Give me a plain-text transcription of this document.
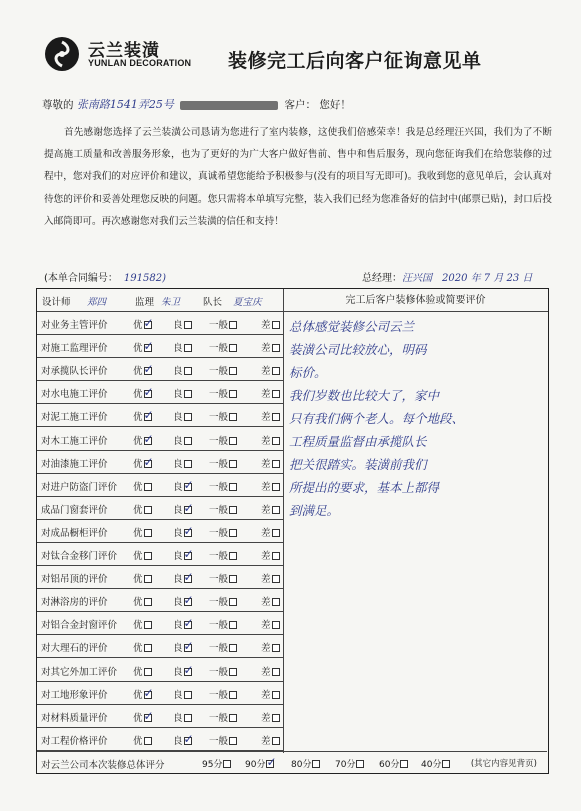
云兰装潢
YUNLAN DECORATION 装修完工后向客户征询意见单
尊敬的 张南路1541弄25号	客户： 您好！
首先感谢您选择了云兰装潢公司恳请为您进行了室内装修，这使我们倍感荣幸！我是总经理汪兴国，我们为了不断提高施工质量和改善服务形象，也为了更好的为广大客户做好售前、售中和售后服务，现向您征询我们在给您装修的过程中，您对我们的对应评价和建议，真诚希望您能给予积极参与(没有的项目写无即可)。我收到您的意见单后，会认真对待您的评价和妥善处理您反映的问题。您只需将本单填写完整，装入我们已经为您准备好的信封中(邮票已贴)，封口后投入邮筒即可。再次感谢您对我们云兰装潢的信任和支持！
(本单合同编号： 191582)	总经理：汪兴国 2020 年 7 月 23 日
设计师 郑四	监理 朱卫 队长 夏宝庆	完工后客户装修体验或简要评价

总体感觉装修公司云兰

装潢公司比较放心，明码

标价。

我们岁数也比较大了，家中

只有我们俩个老人。每个地段、

工程质量监督由承揽队长

把关很踏实。装潢前我们

所提出的要求，基本上都得

到满足。

对云兰公司本次装修总体评分	(其它内容见背页)
95分	90分 ✓	80分	70分	60分	40分
对业务主管评价	优 ✓	良	一般	差
对施工监理评价	优 ✓	良	一般	差
对承揽队长评价	优 ✓	良	一般	差
对水电施工评价	优 ✓	良	一般	差
对泥工施工评价	优 ✓	良	一般	差
对木工施工评价	优 ✓	良	一般	差
对油漆施工评价	优 ✓	良	一般	差
对进户防盗门评价 优	良 ✓	一般	差
成品门窗套评价	优	良 ✓	一般	差
对成品橱柜评价	优	良 ✓	一般	差
对钛合金移门评价 优	良 ✓	一般	差
对铝吊顶的评价	优	良 ✓	一般	差
对淋浴房的评价	优	良 ✓	一般	差
对铝合金封窗评价 优	良 ✓	一般	差
对大理石的评价	优	良 ✓	一般	差
对其它外加工评价 优	良 ✓	一般	差
对工地形象评价	优 ✓	良	一般	差
对材料质量评价	优 ✓	良	一般	差
对工程价格评价	优	良 ✓	一般	差
